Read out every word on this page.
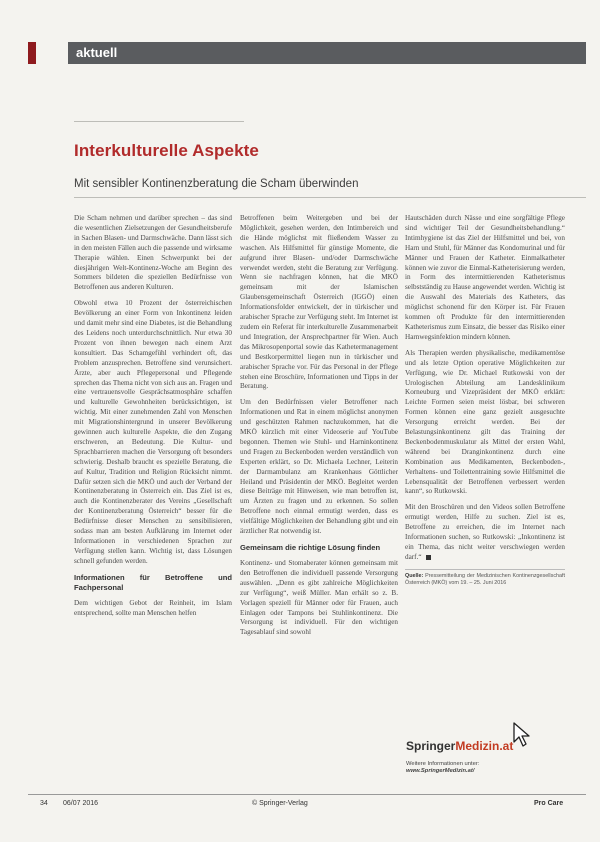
aktuell
Interkulturelle Aspekte
Mit sensibler Kontinenzberatung die Scham überwinden

Die Scham nehmen und darüber sprechen – das sind die wesentlichen Zielsetzungen der Gesundheitsberufe in Sachen Blasen- und Darmschwäche. Dann lässt sich in den meisten Fällen auch die passende und wirksame Therapie wählen. Einen Schwerpunkt bei der diesjährigen Welt-Kontinenz-Woche am Beginn des Sommers bildeten die speziellen Bedürfnisse von Betroffenen aus anderen Kulturen.

Obwohl etwa 10 Prozent der österreichischen Bevölkerung an einer Form von Inkontinenz leiden und damit mehr sind eine Diabetes, ist die Behandlung des Leidens noch unterdurchschnittlich. Nur etwa 30 Prozent von ihnen bewegen nach einem Arzt konsultiert. Das Schamgefühl verhindert oft, das Problem anzusprechen. Betroffene sind verunsichert. Ärzte, aber auch Pflegepersonal und Pflegende sprechen das Thema nicht von sich aus an. Fragen und eine vertrauensvolle Gesprächsatmosphäre schaffen und kulturelle Gewohnheiten berücksichtigen, ist wichtig. Mit einer zunehmenden Zahl von Menschen mit Migrationshintergrund in unserer Bevölkerung gewinnen auch kulturelle Aspekte, die den Zugang erschweren, an Bedeutung. Die Kultur- und Sprachbarrieren machen die Versorgung oft besonders schwierig. Deshalb braucht es spezielle Beratung, die auf Kultur, Tradition und Religion Rücksicht nimmt. Dafür setzen sich die MKÖ und auch der Verband der Kontinenzberatung in Österreich ein. Das Ziel ist es, auch die Kontinenzberater des Vereins „Gesellschaft der Kontinenzberatung Österreich“ besser für die Bedürfnisse dieser Menschen zu sensibilisieren, sodass man am besten Aufklärung im Internet oder Informationen in verschiedenen Sprachen zur Verfügung stellen kann. Wichtig ist, dass Lösungen schnell gefunden werden.

Informationen für Betroffene und Fachpersonal

Dem wichtigen Gebot der Reinheit, im Islam entsprechend, sollte man Menschen helfen

Betroffenen beim Weitergeben und bei der Möglichkeit, gesehen werden, den Intimbereich und die Hände möglichst mit fließendem Wasser zu waschen. Als Hilfsmittel für günstige Momente, die aufgrund ihrer Blasen- und/oder Darmschwäche verwendet werden, steht die Beratung zur Verfügung. Wenn sie nachfragen können, hat die MKÖ gemeinsam mit der Islamischen Glaubensgemeinschaft Österreich (IGGÖ) einen Informationsfolder entwickelt, der in türkischer und arabischer Sprache zur Verfügung steht. Im Internet ist zudem ein Referat für interkulturelle Zusammenarbeit und Integration, der Ansprechpartner für Wien. Auch das Mikrosopenportal sowie das Kathetermanagement und Bestkorpermittel liegen nun in türkischer und arabischer Sprache vor. Für das Personal in der Pflege stehen eine Broschüre, Informationen und Tipps in der Beratung.

Um den Bedürfnissen vieler Betroffener nach Informationen und Rat in einem möglichst anonymen und geschützten Rahmen nachzukommen, hat die MKÖ kürzlich mit einer Videoserie auf YouTube begonnen. Themen wie Stuhl- und Harninkontinenz und Fragen zu Beckenboden werden verständlich von Experten erklärt, so Dr. Michaela Lechner, Leiterin der Darmambulanz am Krankenhaus Göttlicher Heiland und Präsidentin der MKÖ. Begleitet werden diese Beiträge mit Hinweisen, wie man betroffen ist, um Ärzten zu fragen und zu erkennen. So sollen Betroffene noch einmal ermutigt werden, dass es vielfältige Möglichkeiten der Behandlung gibt und ein ärztlicher Rat notwendig ist.

Gemeinsam die richtige Lösung finden

Kontinenz- und Stomaberater können gemeinsam mit den Betroffenen die individuell passende Versorgung auswählen. „Denn es gibt zahlreiche Möglichkeiten zur Verfügung“, weiß Müller. Man erhält so z. B. Vorlagen speziell für Männer oder für Frauen, auch Einlagen oder Tampons bei Stuhlinkontinenz. Die Versorgung ist individuell. Für den wichtigen Tagesablauf sind sowohl

Hautschäden durch Nässe und eine sorgfältige Pflege sind wichtiger Teil der Gesundheitsbehandlung.“ Intimhygiene ist das Ziel der Hilfsmittel und bei, von Harn und Stuhl, für Männer das Kondomurinal und für Männer und Frauen der Katheter. Einmalkatheter können wie zuvor die Einmal-Katheterisierung werden, in Form des intermittierenden Katheterismus selbstständig zu Hause angewendet werden. Wichtig ist die Auswahl des Materials des Katheters, das möglichst schonend für den Körper ist. Für Frauen kommen oft Produkte für den intermittierenden Katheterismus zum Einsatz, die besser das Risiko einer Harnwegsinfektion mindern können.

Als Therapien werden physikalische, medikamentöse und als letzte Option operative Möglichkeiten zur Verfügung, wie Dr. Michael Rutkowski von der Urologischen Abteilung am Landesklinikum Korneuburg und Vizepräsident der MKÖ erklärt: Leichte Formen seien meist lösbar, bei schweren Formen können eine ganz gezielt ausgesuchte Versorgung erreicht werden. Bei der Belastungsinkontinenz gilt das Training der Beckenbodenmuskulatur als Mittel der ersten Wahl, während bei Dranginkontinenz durch eine Kombination aus Medikamenten, Beckenboden-, Verhaltens- und Toilettentraining sowie Hilfsmittel die Lebensqualität der Betroffenen verbessert werden kann“, so Rutkowski.

Mit den Broschüren und den Videos sollen Betroffene ermutigt werden, Hilfe zu suchen. Ziel ist es, Betroffene zu erreichen, die im Internet nach Informationen suchen, so Rutkowski: „Inkontinenz ist ein Thema, das nicht weiter verschwiegen werden darf.“

Quelle: Pressemitteilung der Medizinischen Kontinenzgesellschaft Österreich (MKÖ) vom 19. – 25. Juni 2016
SpringerMedizin.at
Weitere Informationen unter:
www.SpringerMedizin.at/
34 06/07 2016	© Springer-Verlag	Pro Care
